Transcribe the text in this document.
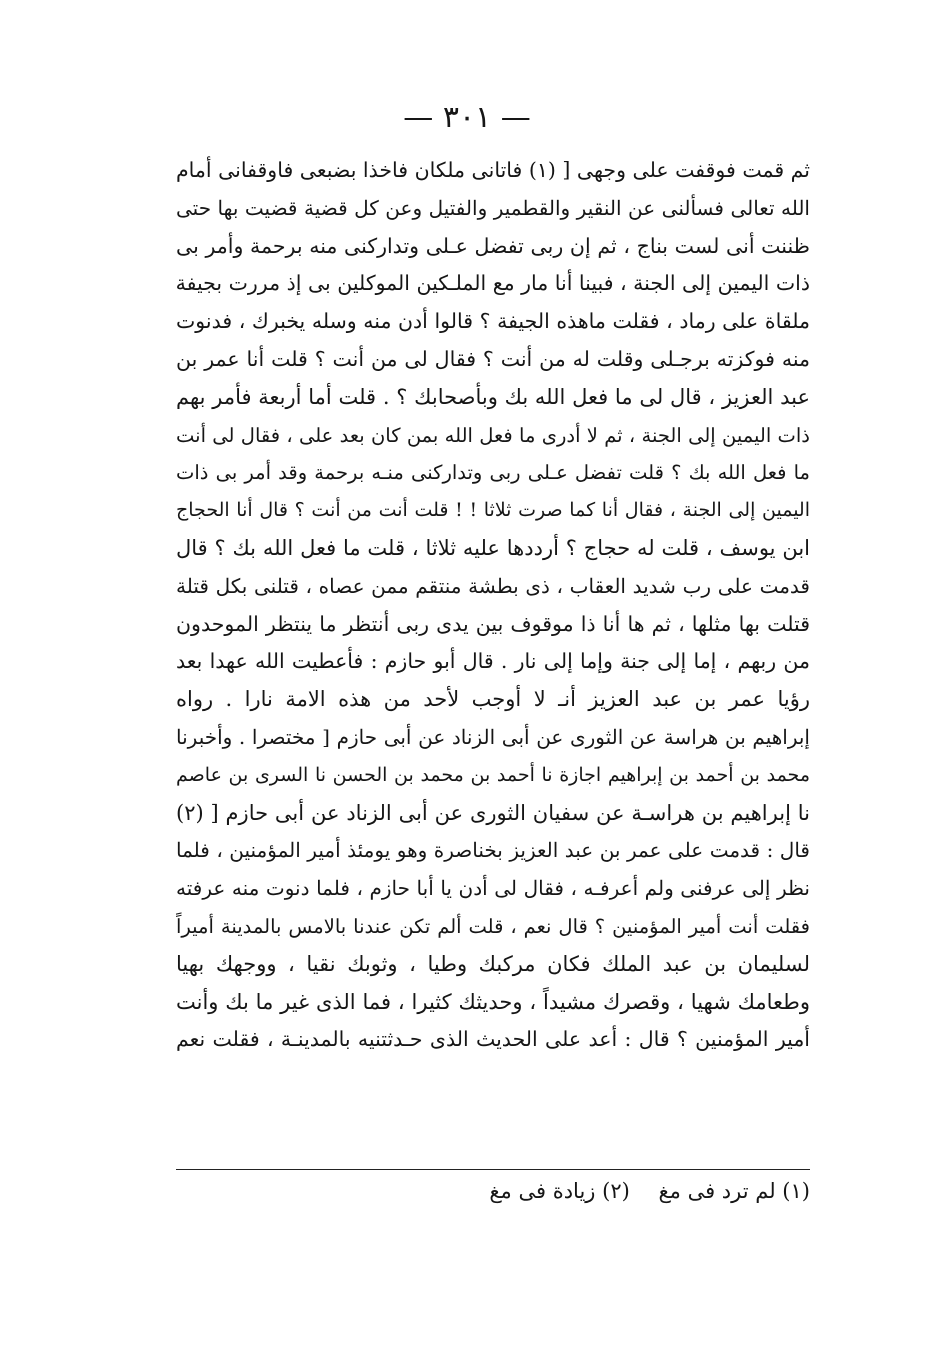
— ٣٠١ —
ثم قمت فوقفت على وجهى [ (١) فاتانى ملكان فاخذا بضبعى فاوقفانى أمام
الله تعالى فسألنى عن النقير والقطمير والفتيل وعن كل قضية قضيت بها حتى
ظننت أنى لست بناج ، ثم إن ربى تفضل عـلى وتداركنى منه برحمة وأمر بى
ذات اليمين إلى الجنة ، فبينا أنا مار مع الملـكين الموكلين بى إذ مررت بجيفة
ملقاة على رماد ، فقلت ماهذه الجيفة ؟ قالوا أدن منه وسله يخبرك ، فدنوت
منه فوكزته برجـلى وقلت له من أنت ؟ فقال لى من أنت ؟ قلت أنا عمر بن
عبد العزيز ، قال لى ما فعل الله بك وبأصحابك ؟ . قلت أما أربعة فأمر بهم
ذات اليمين إلى الجنة ، ثم لا أدرى ما فعل الله بمن كان بعد على ، فقال لى أنت
ما فعل الله بك ؟ قلت تفضل عـلى ربى وتداركنى منـه برحمة وقد أمر بى ذات
اليمين إلى الجنة ، فقال أنا كما صرت ثلاثا ! ! قلت أنت من أنت ؟ قال أنا الحجاج
ابن يوسف ، قلت له حجاج ؟ أرددها عليه ثلاثا ، قلت ما فعل الله بك ؟ قال
قدمت على رب شديد العقاب ، ذى بطشة منتقم ممن عصاه ، قتلنى بكل قتلة
قتلت بها مثلها ، ثم ها أنا ذا موقوف بين يدى ربى أنتظر ما ينتظر الموحدون
من ربهم ، إما إلى جنة وإما إلى نار . قال أبو حازم : فأعطيت الله عهدا بعد
رؤيا عمر بن عبد العزيز أنـ لا أوجب لأحد من هذه الامة نارا . رواه
إبراهيم بن هراسة عن الثورى عن أبى الزناد عن أبى حازم [ مختصرا . وأخبرنا
محمد بن أحمد بن إبراهيم اجازة نا أحمد بن محمد بن الحسن نا السرى بن عاصم
نا إبراهيم بن هراسـة عن سفيان الثورى عن أبى الزناد عن أبى حازم [ (٢)
قال : قدمت على عمر بن عبد العزيز بخناصرة وهو يومئذ أمير المؤمنين ، فلما
نظر إلى عرفنى ولم أعرفـه ، فقال لى أدن يا أبا حازم ، فلما دنوت منه عرفته
فقلت أنت أمير المؤمنين ؟ قال نعم ، قلت ألم تكن عندنا بالامس بالمدينة أميراً
لسليمان بن عبد الملك فكان مركبك وطيا ، وثوبك نقيا ، ووجهك بهيا
وطعامك شهيا ، وقصرك مشيداً ، وحديثك كثيرا ، فما الذى غير ما بك وأنت
أمير المؤمنين ؟ قال : أعد على الحديث الذى حـدثتنيه بالمدينـة ، فقلت نعم
(١) لم ترد فى مغ (٢) زيادة فى مغ
